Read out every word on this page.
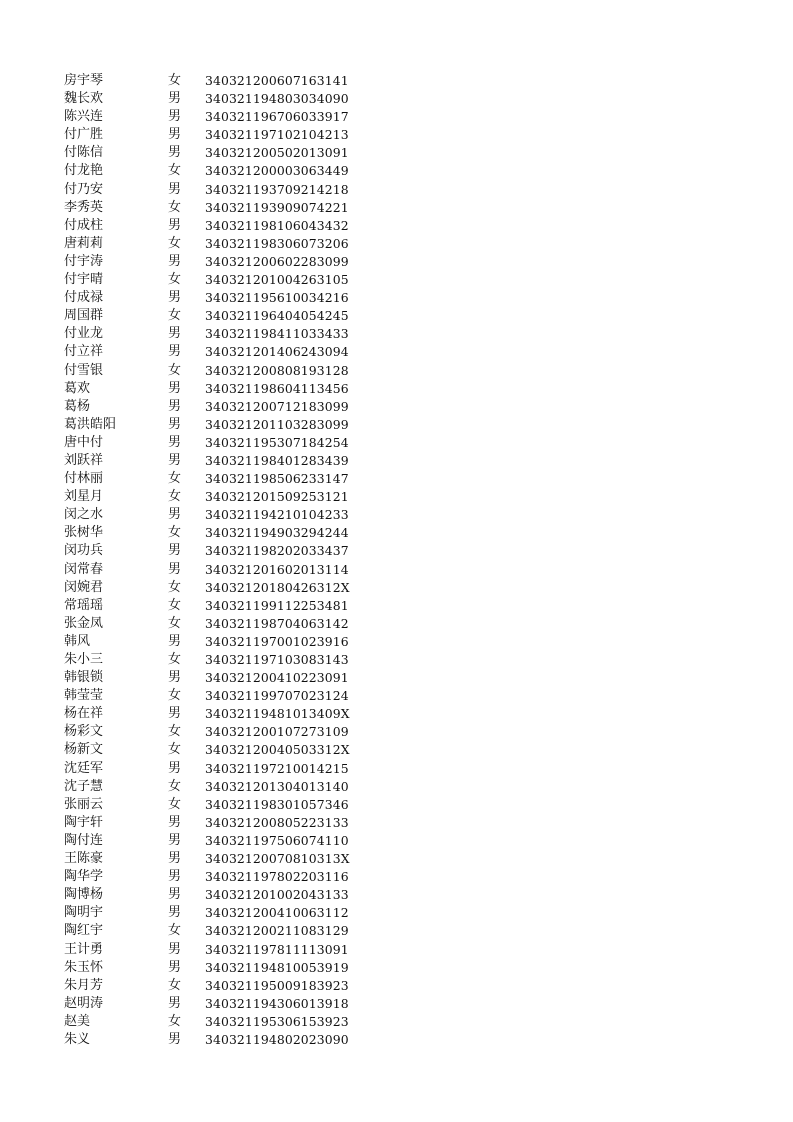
房宇琴	女	340321200607163141
魏长欢	男	340321194803034090
陈兴连	男	340321196706033917
付广胜	男	340321197102104213
付陈信	男	340321200502013091
付龙艳	女	340321200003063449
付乃安	男	340321193709214218
李秀英	女	340321193909074221
付成柱	男	340321198106043432
唐莉莉	女	340321198306073206
付宇涛	男	340321200602283099
付宇晴	女	340321201004263105
付成禄	男	340321195610034216
周国群	女	340321196404054245
付业龙	男	340321198411033433
付立祥	男	340321201406243094
付雪银	女	340321200808193128
葛欢	男	340321198604113456
葛杨	男	340321200712183099
葛洪皓阳	男	340321201103283099
唐中付	男	340321195307184254
刘跃祥	男	340321198401283439
付林丽	女	340321198506233147
刘星月	女	340321201509253121
闵之水	男	340321194210104233
张树华	女	340321194903294244
闵功兵	男	340321198202033437
闵常春	男	340321201602013114
闵婉君	女	34032120180426312X
常瑶瑶	女	340321199112253481
张金凤	女	340321198704063142
韩风	男	340321197001023916
朱小三	女	340321197103083143
韩银锁	男	340321200410223091
韩莹莹	女	340321199707023124
杨在祥	男	34032119481013409X
杨彩文	女	340321200107273109
杨新文	女	34032120040503312X
沈廷军	男	340321197210014215
沈子慧	女	340321201304013140
张丽云	女	340321198301057346
陶宇轩	男	340321200805223133
陶付连	男	340321197506074110
王陈豪	男	34032120070810313X
陶华学	男	340321197802203116
陶博杨	男	340321201002043133
陶明宇	男	340321200410063112
陶红宇	女	340321200211083129
王计勇	男	340321197811113091
朱玉怀	男	340321194810053919
朱月芳	女	340321195009183923
赵明涛	男	340321194306013918
赵美	女	340321195306153923
朱义	男	340321194802023090
